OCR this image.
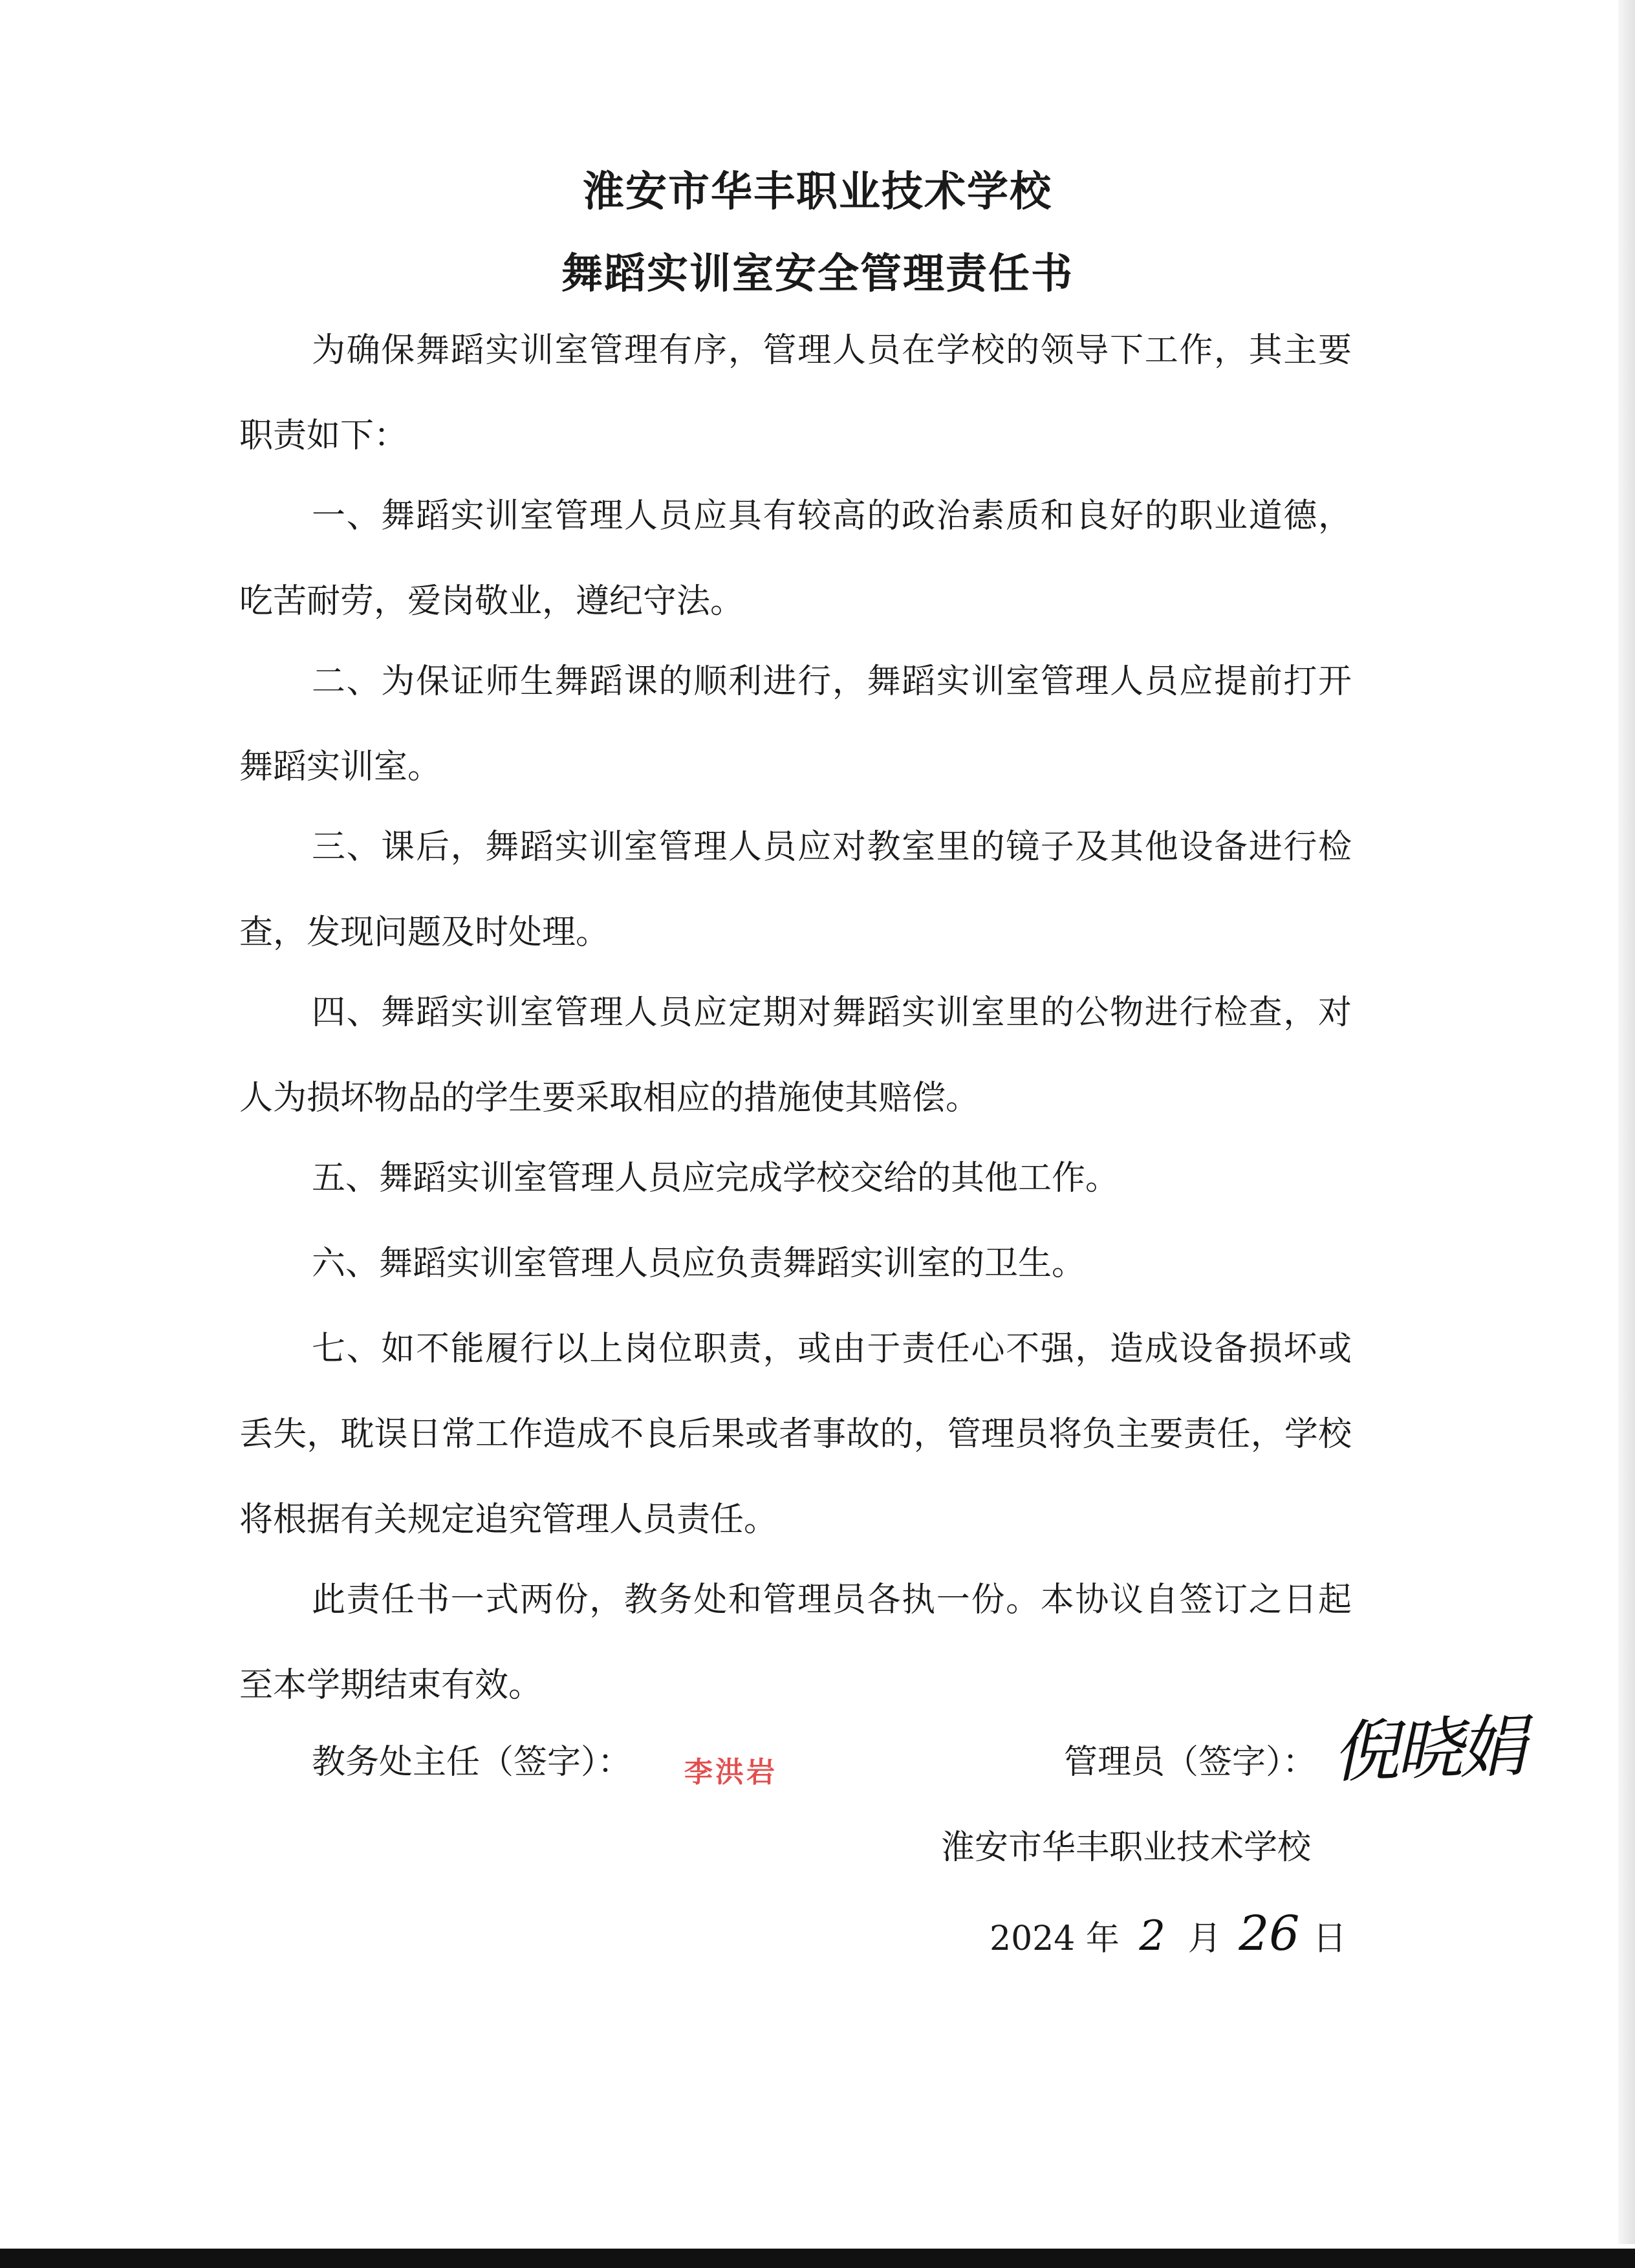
淮安市华丰职业技术学校
舞蹈实训室安全管理责任书

为确保舞蹈实训室管理有序，管理人员在学校的领导下工作，其主要职责如下：

一、舞蹈实训室管理人员应具有较高的政治素质和良好的职业道德，吃苦耐劳，爱岗敬业，遵纪守法。

二、为保证师生舞蹈课的顺利进行，舞蹈实训室管理人员应提前打开舞蹈实训室。

三、课后，舞蹈实训室管理人员应对教室里的镜子及其他设备进行检查，发现问题及时处理。

四、舞蹈实训室管理人员应定期对舞蹈实训室里的公物进行检查，对人为损坏物品的学生要采取相应的措施使其赔偿。

五、舞蹈实训室管理人员应完成学校交给的其他工作。

六、舞蹈实训室管理人员应负责舞蹈实训室的卫生。

七、如不能履行以上岗位职责，或由于责任心不强，造成设备损坏或丢失，耽误日常工作造成不良后果或者事故的，管理员将负主要责任，学校将根据有关规定追究管理人员责任。

此责任书一式两份，教务处和管理员各执一份。本协议自签订之日起至本学期结束有效。

教务处主任（签字）： 李洪岩	管理员（签字）： 倪晓娟
淮安市华丰职业技术学校
2024 年 2 月 26 日
